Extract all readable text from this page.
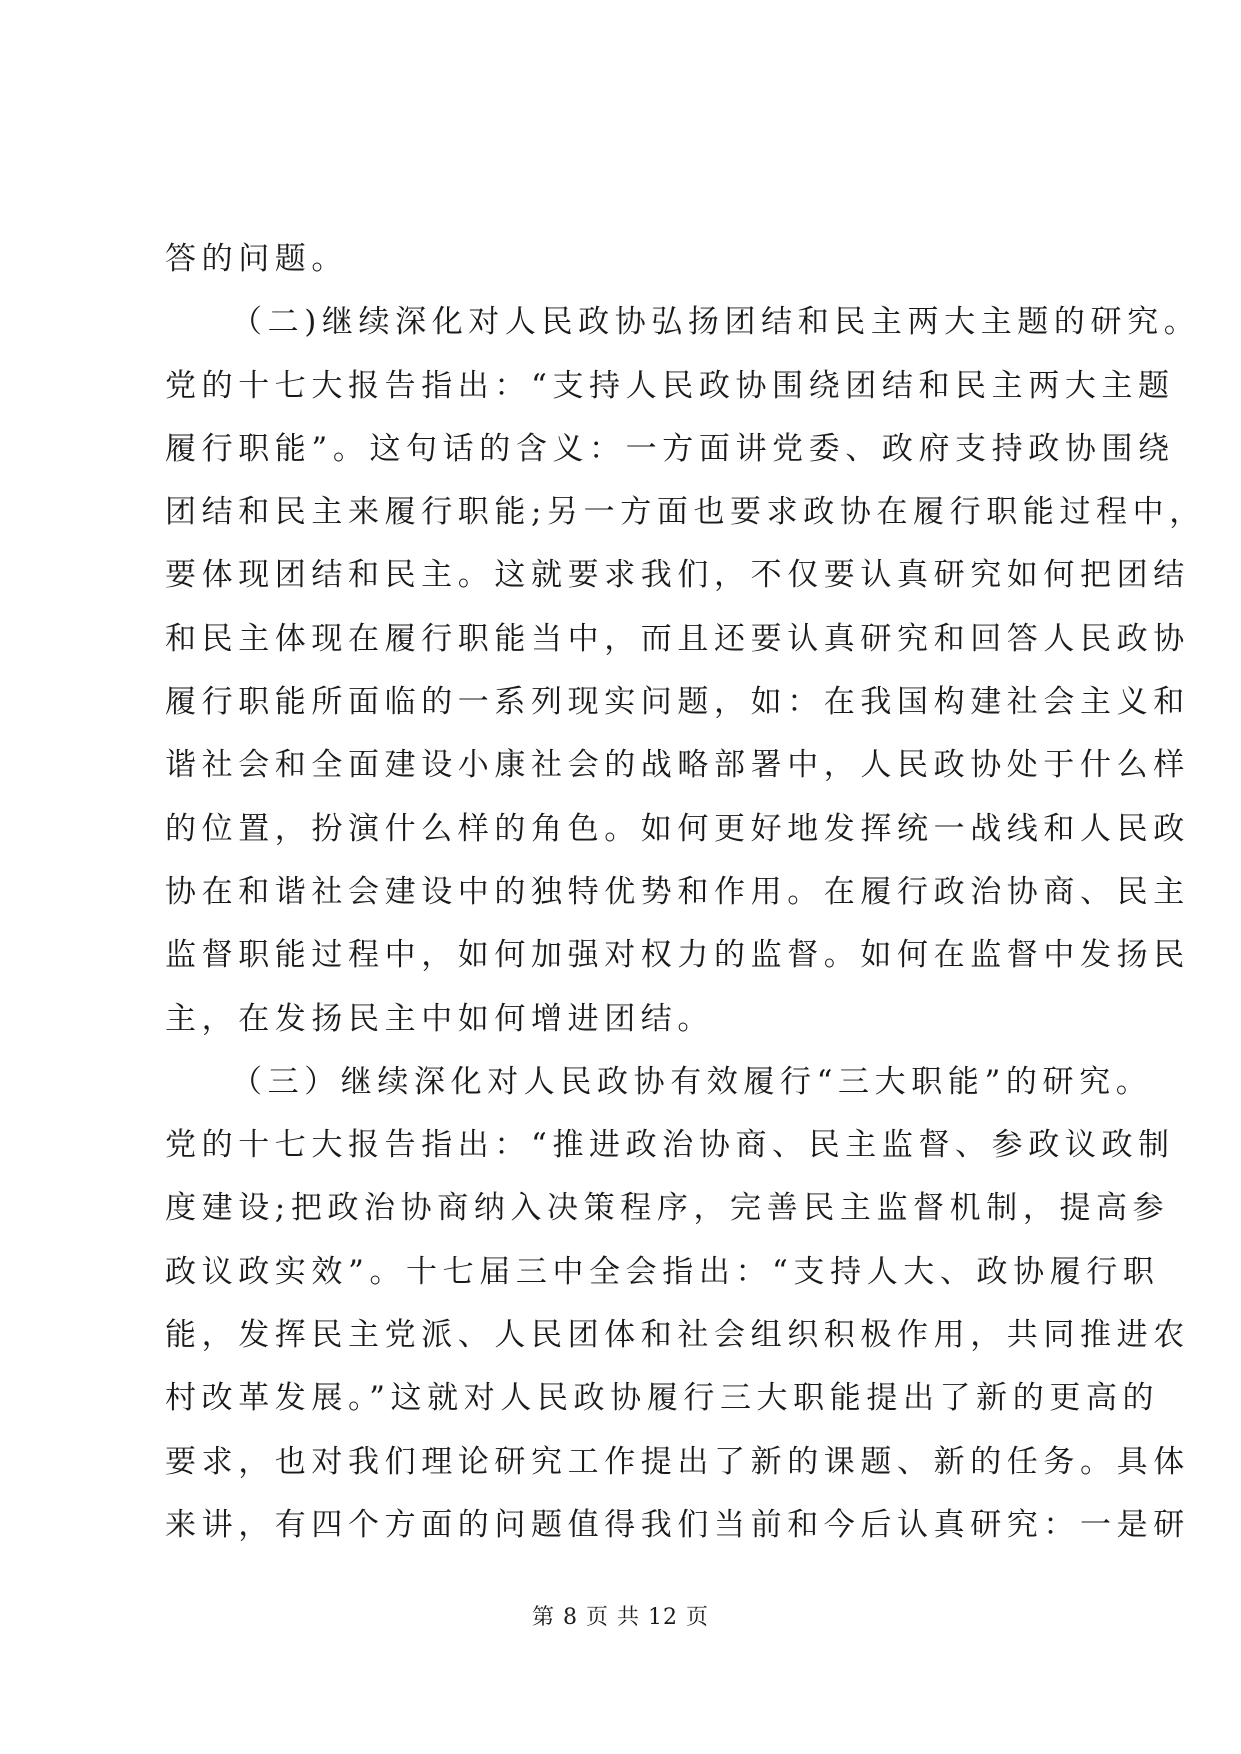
答的问题。
（二)继续深化对人民政协弘扬团结和民主两大主题的研究。
党的十七大报告指出：“支持人民政协围绕团结和民主两大主题
履行职能”。这句话的含义：一方面讲党委、政府支持政协围绕
团结和民主来履行职能;另一方面也要求政协在履行职能过程中，
要体现团结和民主。这就要求我们，不仅要认真研究如何把团结
和民主体现在履行职能当中，而且还要认真研究和回答人民政协
履行职能所面临的一系列现实问题，如：在我国构建社会主义和
谐社会和全面建设小康社会的战略部署中，人民政协处于什么样
的位置，扮演什么样的角色。如何更好地发挥统一战线和人民政
协在和谐社会建设中的独特优势和作用。在履行政治协商、民主
监督职能过程中，如何加强对权力的监督。如何在监督中发扬民
主，在发扬民主中如何增进团结。
（三）继续深化对人民政协有效履行“三大职能”的研究。
党的十七大报告指出：“推进政治协商、民主监督、参政议政制
度建设;把政治协商纳入决策程序，完善民主监督机制，提高参
政议政实效”。十七届三中全会指出：“支持人大、政协履行职
能，发挥民主党派、人民团体和社会组织积极作用，共同推进农
村改革发展。”这就对人民政协履行三大职能提出了新的更高的
要求，也对我们理论研究工作提出了新的课题、新的任务。具体
来讲，有四个方面的问题值得我们当前和今后认真研究：一是研
第 8 页 共 12 页
